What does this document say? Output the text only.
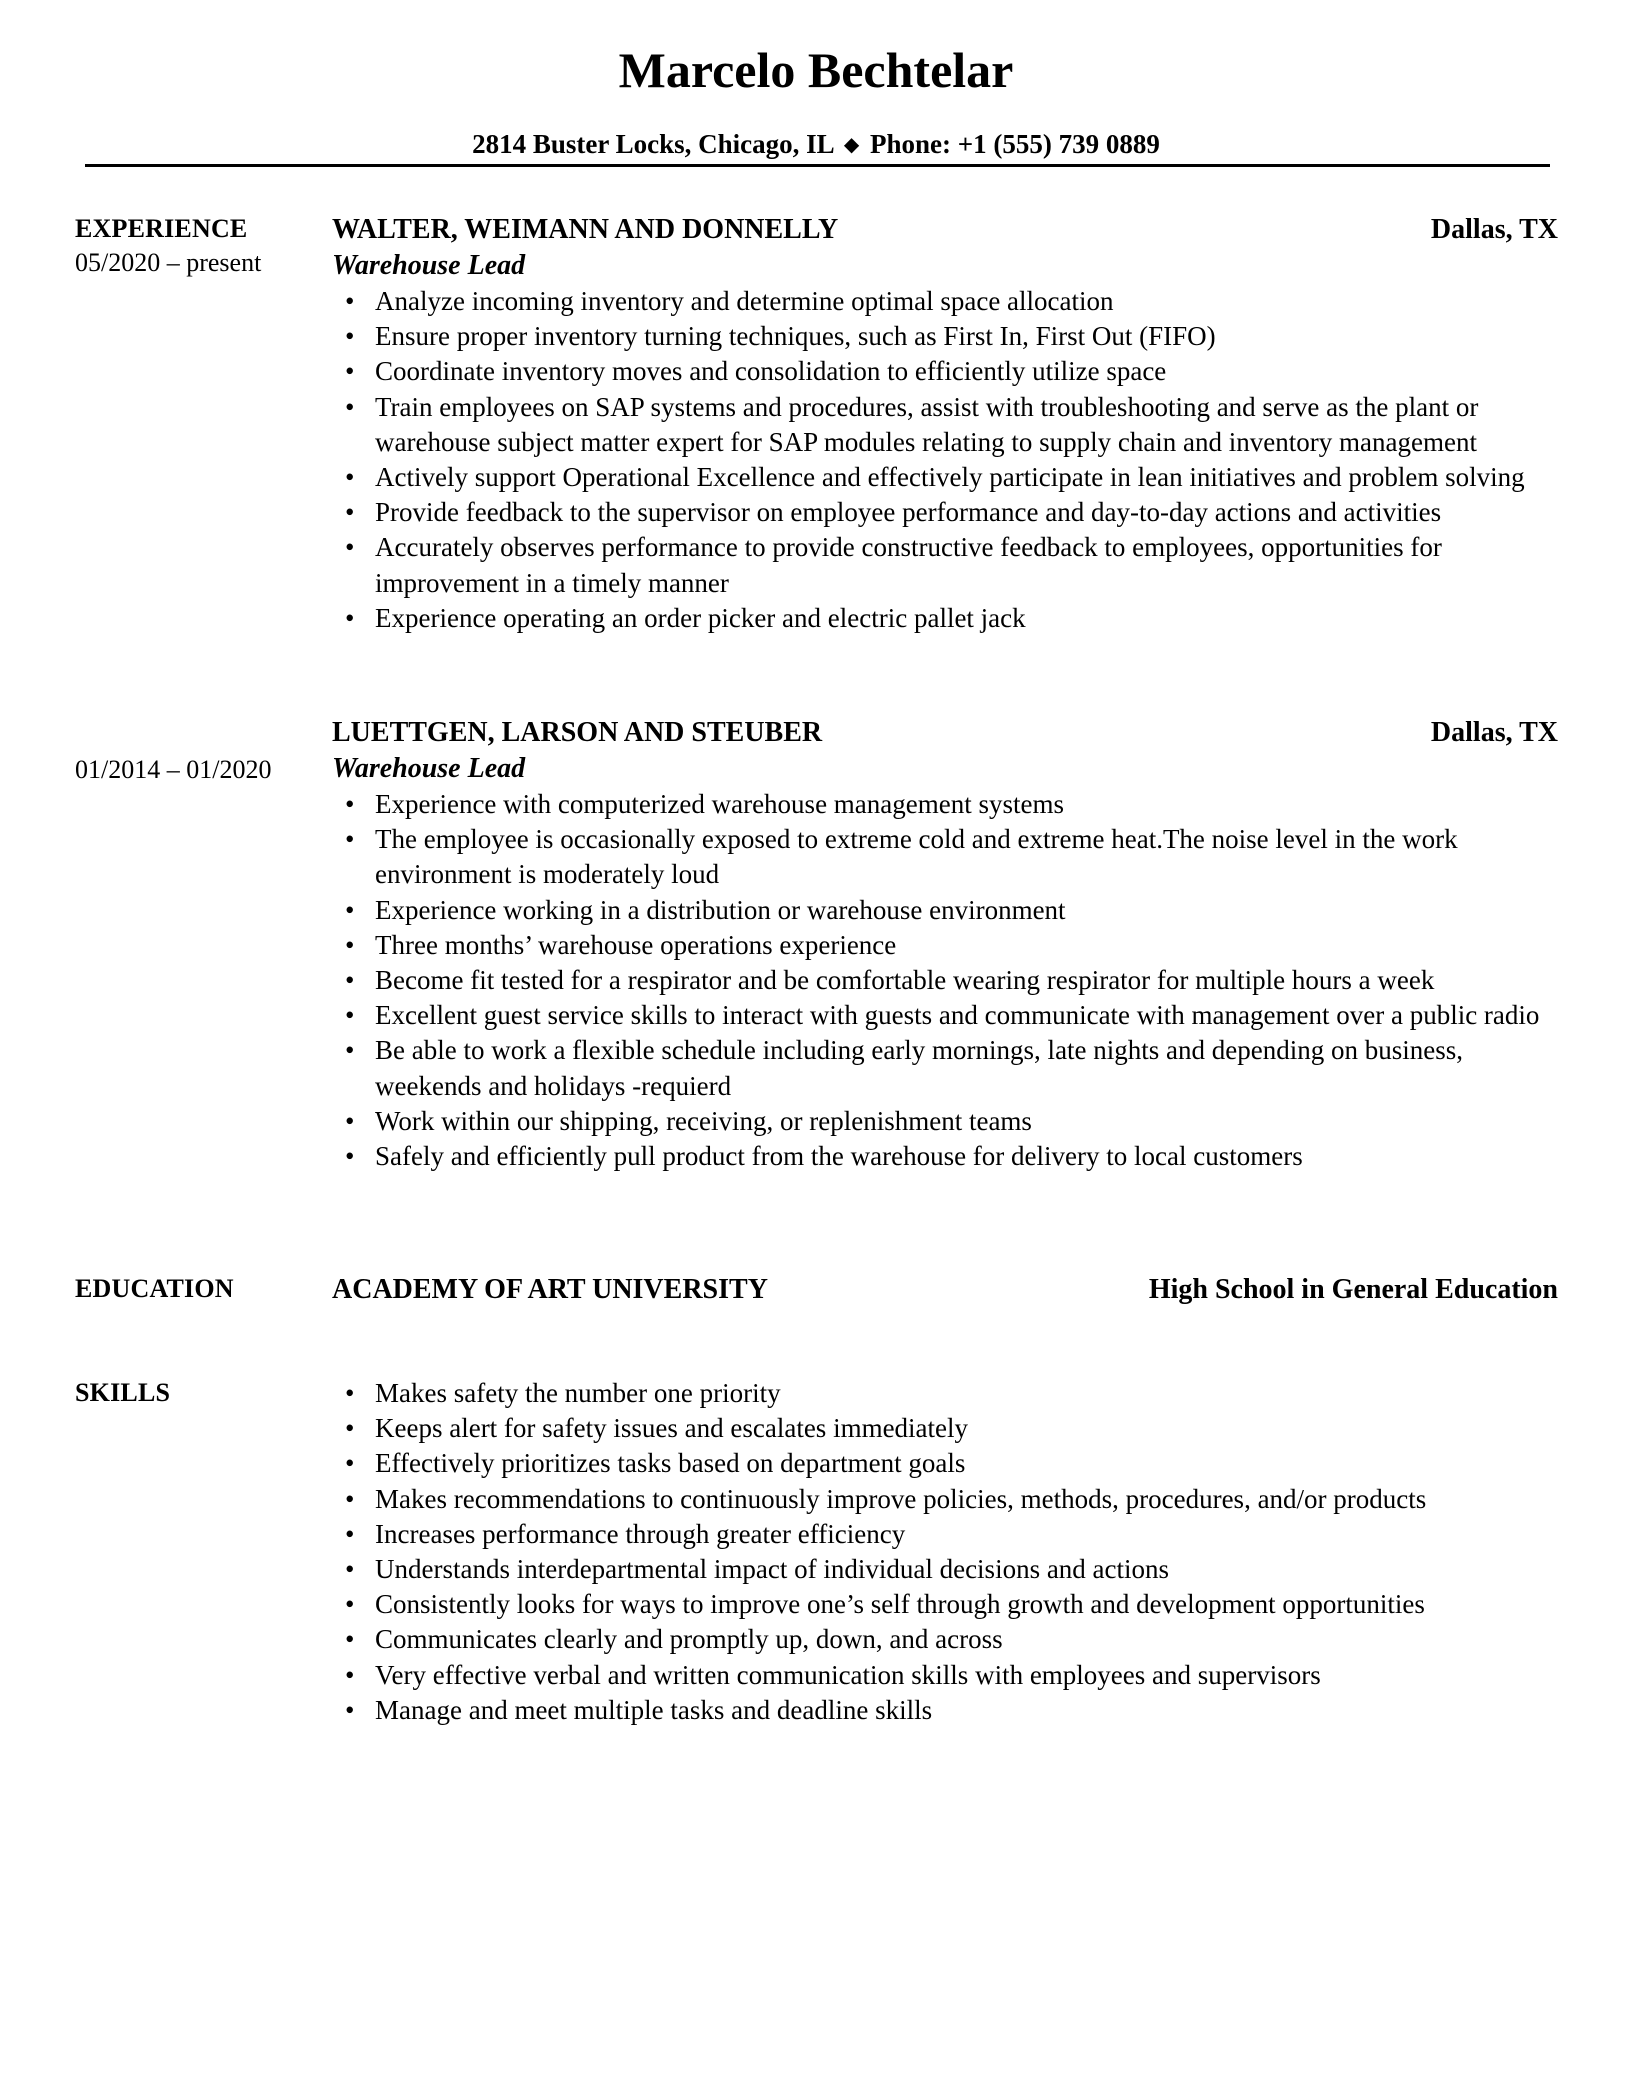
Marcelo Bechtelar
2814 Buster Locks, Chicago, IL ◆ Phone: +1 (555) 739 0889
EXPERIENCE
05/2020 – present
WALTER, WEIMANN AND DONNELLY	Dallas, TX
Warehouse Lead
• Analyze incoming inventory and determine optimal space allocation
• Ensure proper inventory turning techniques, such as First In, First Out (FIFO)
• Coordinate inventory moves and consolidation to efficiently utilize space
• Train employees on SAP systems and procedures, assist with troubleshooting and serve as the plant or warehouse subject matter expert for SAP modules relating to supply chain and inventory management
• Actively support Operational Excellence and effectively participate in lean initiatives and problem solving
• Provide feedback to the supervisor on employee performance and day-to-day actions and activities
• Accurately observes performance to provide constructive feedback to employees, opportunities for improvement in a timely manner
• Experience operating an order picker and electric pallet jack
01/2014 – 01/2020
LUETTGEN, LARSON AND STEUBER	Dallas, TX
Warehouse Lead
• Experience with computerized warehouse management systems
• The employee is occasionally exposed to extreme cold and extreme heat.The noise level in the work environment is moderately loud
• Experience working in a distribution or warehouse environment
• Three months’ warehouse operations experience
• Become fit tested for a respirator and be comfortable wearing respirator for multiple hours a week
• Excellent guest service skills to interact with guests and communicate with management over a public radio
• Be able to work a flexible schedule including early mornings, late nights and depending on business, weekends and holidays -requierd
• Work within our shipping, receiving, or replenishment teams
• Safely and efficiently pull product from the warehouse for delivery to local customers
EDUCATION	ACADEMY OF ART UNIVERSITY	High School in General Education
SKILLS
•	Makes safety the number one priority
• Keeps alert for safety issues and escalates immediately
• Effectively prioritizes tasks based on department goals
• Makes recommendations to continuously improve policies, methods, procedures, and/or products
• Increases performance through greater efficiency
• Understands interdepartmental impact of individual decisions and actions
• Consistently looks for ways to improve one’s self through growth and development opportunities
• Communicates clearly and promptly up, down, and across
• Very effective verbal and written communication skills with employees and supervisors
• Manage and meet multiple tasks and deadline skills
